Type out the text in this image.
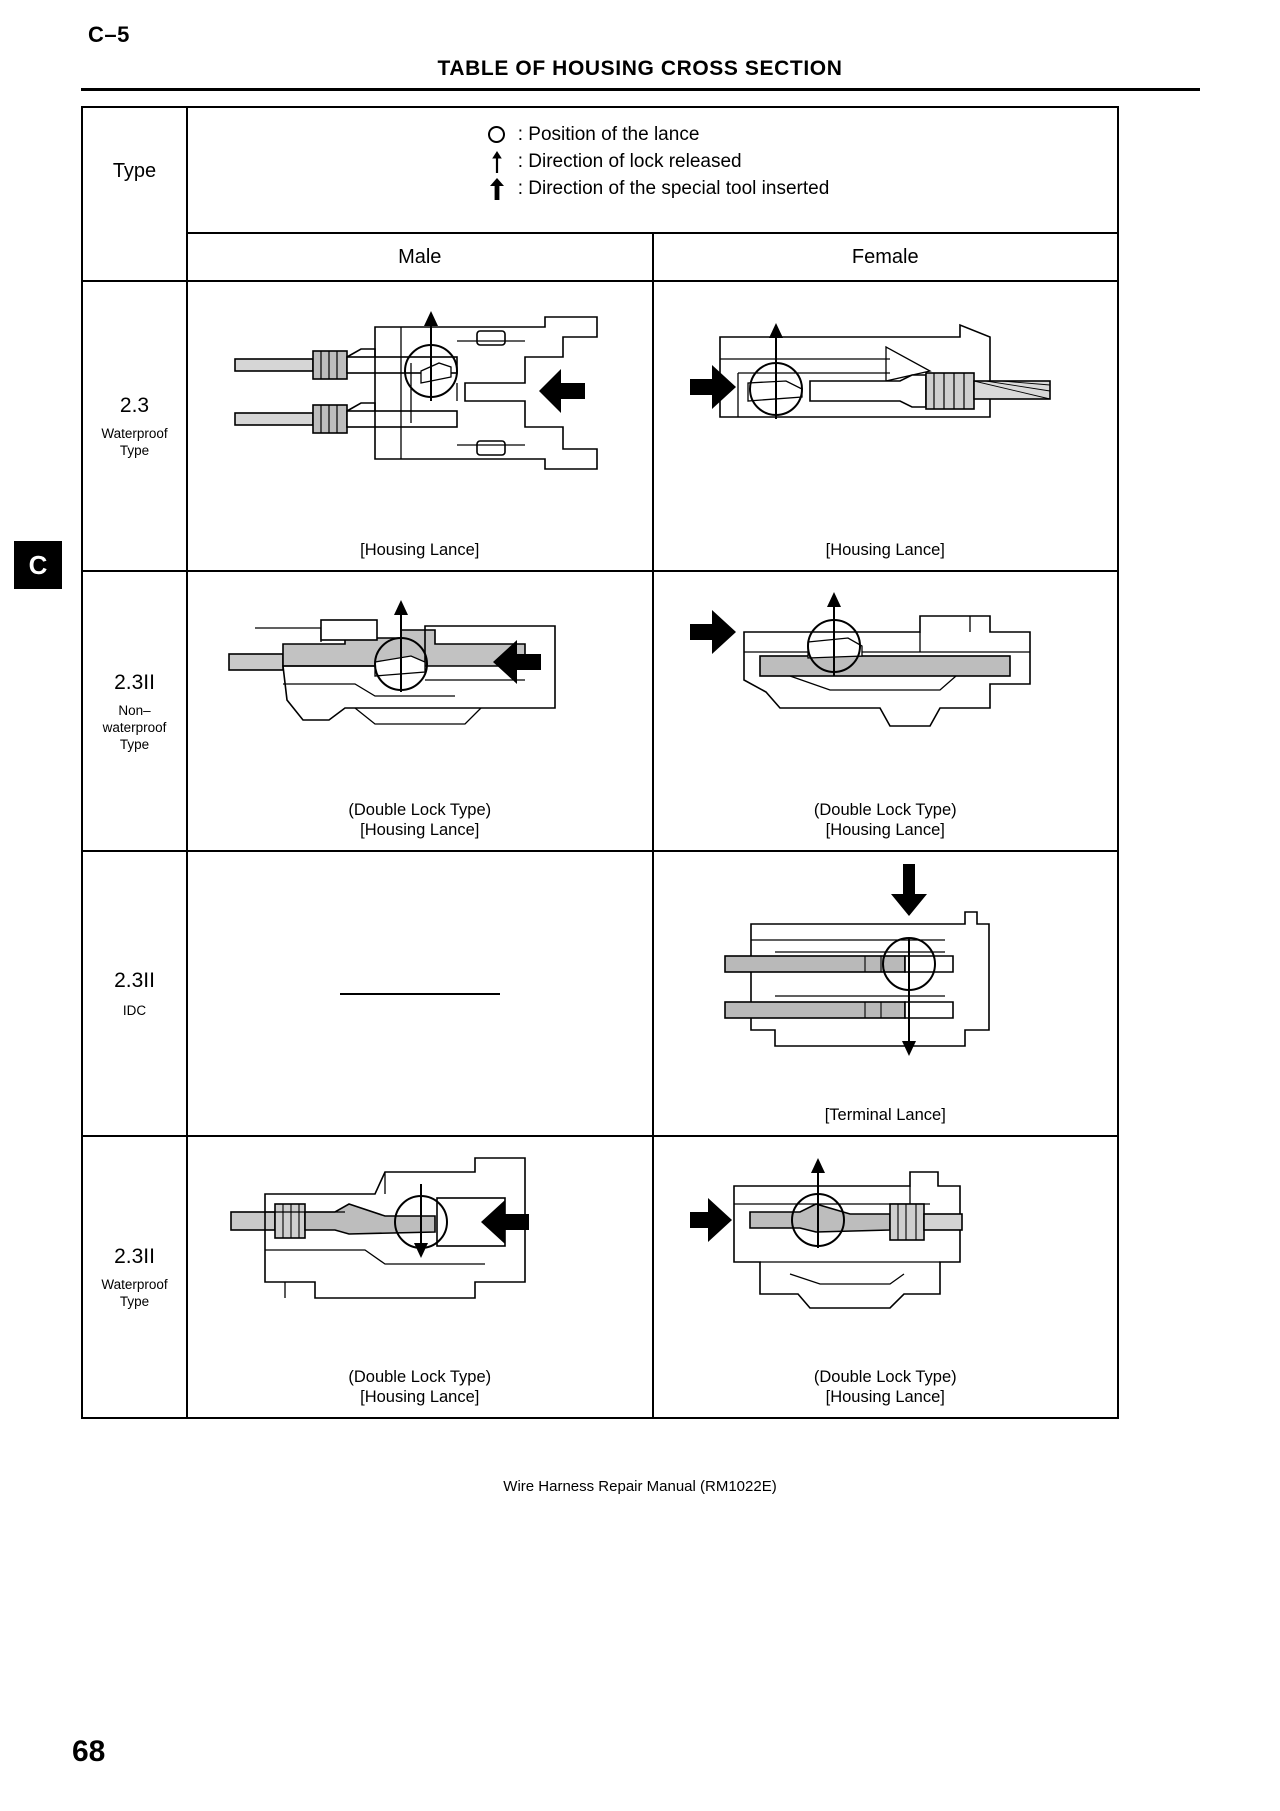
C–5
TABLE OF HOUSING CROSS SECTION
C
Type
: Position of the lance
: Direction of lock released
: Direction of the special tool inserted
Male	Female
2.3
Waterproof
Type
[Housing Lance]	[Housing Lance]
2.3II
Non–
waterproof
Type
(Double Lock Type)
[Housing Lance]
(Double Lock Type)
[Housing Lance]
2.3II
IDC
[Terminal Lance]
2.3II
Waterproof
Type
(Double Lock Type)
[Housing Lance]
(Double Lock Type)
[Housing Lance]
Wire Harness Repair Manual (RM1022E)
68
